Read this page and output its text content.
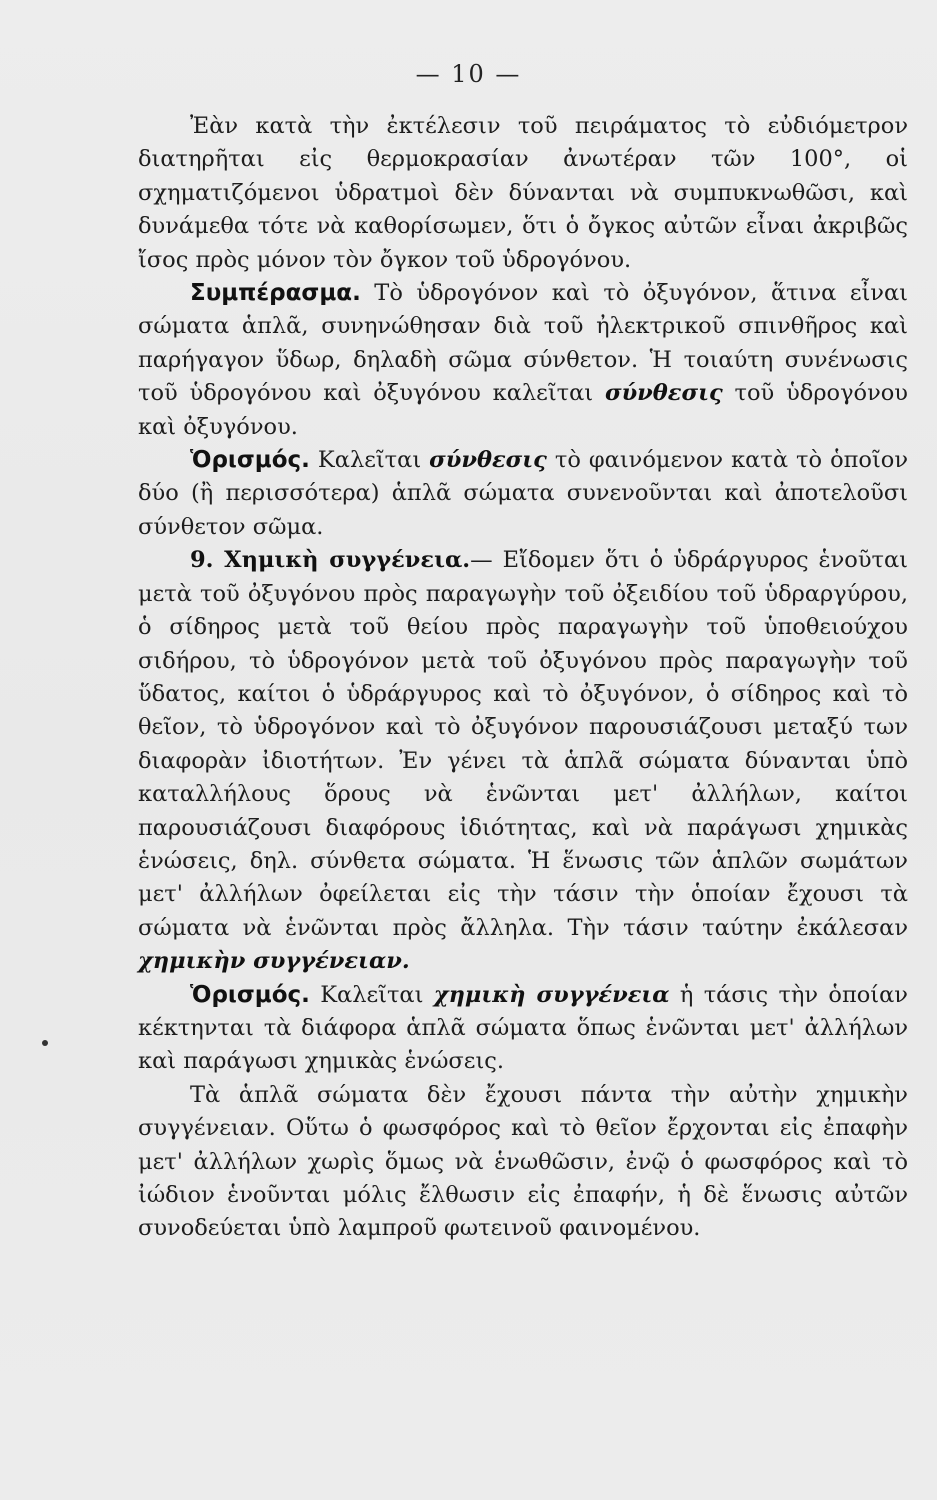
— 10 —

Ἐὰν κατὰ τὴν ἐκτέλεσιν τοῦ πειράματος τὸ εὐδιόμετρον διατηρῆται εἰς θερμοκρασίαν ἀνωτέραν τῶν 100°, οἱ σχηματιζόμενοι ὑδρατμοὶ δὲν δύνανται νὰ συμπυκνωθῶσι, καὶ δυνάμεθα τότε νὰ καθορίσωμεν, ὅτι ὁ ὄγκος αὐτῶν εἶναι ἀκριβῶς ἴσος πρὸς μόνον τὸν ὄγκον τοῦ ὑδρογόνου.

Συμπέρασμα. Τὸ ὑδρογόνον καὶ τὸ ὀξυγόνον, ἅτινα εἶναι σώματα ἁπλᾶ, συνηνώθησαν διὰ τοῦ ἠλεκτρικοῦ σπινθῆρος καὶ παρήγαγον ὕδωρ, δηλαδὴ σῶμα σύνθετον. Ἡ τοιαύτη συνένωσις τοῦ ὑδρογόνου καὶ ὀξυγόνου καλεῖται σύνθεσις τοῦ ὑδρογόνου καὶ ὀξυγόνου.

Ὁρισμός. Καλεῖται σύνθεσις τὸ φαινόμενον κατὰ τὸ ὁποῖον δύο (ἢ περισσότερα) ἁπλᾶ σώματα συνενοῦνται καὶ ἀποτελοῦσι σύνθετον σῶμα.

9. Χημικὴ συγγένεια.— Εἴδομεν ὅτι ὁ ὑδράργυρος ἑνοῦται μετὰ τοῦ ὀξυγόνου πρὸς παραγωγὴν τοῦ ὀξειδίου τοῦ ὑδραργύρου, ὁ σίδηρος μετὰ τοῦ θείου πρὸς παραγωγὴν τοῦ ὑποθειούχου σιδήρου, τὸ ὑδρογόνον μετὰ τοῦ ὀξυγόνου πρὸς παραγωγὴν τοῦ ὕδατος, καίτοι ὁ ὑδράργυρος καὶ τὸ ὀξυγόνον, ὁ σίδηρος καὶ τὸ θεῖον, τὸ ὑδρογόνον καὶ τὸ ὀξυγόνον παρουσιάζουσι μεταξύ των διαφορὰν ἰδιοτήτων. Ἐν γένει τὰ ἁπλᾶ σώματα δύνανται ὑπὸ καταλλήλους ὅρους νὰ ἑνῶνται μετ' ἀλλήλων, καίτοι παρουσιάζουσι διαφόρους ἰδιότητας, καὶ νὰ παράγωσι χημικὰς ἑνώσεις, δηλ. σύνθετα σώματα. Ἡ ἕνωσις τῶν ἁπλῶν σωμάτων μετ' ἀλλήλων ὀφείλεται εἰς τὴν τάσιν τὴν ὁποίαν ἔχουσι τὰ σώματα νὰ ἑνῶνται πρὸς ἄλληλα. Τὴν τάσιν ταύτην ἐκάλεσαν χημικὴν συγγένειαν.

Ὁρισμός. Καλεῖται χημικὴ συγγένεια ἡ τάσις τὴν ὁποίαν κέκτηνται τὰ διάφορα ἁπλᾶ σώματα ὅπως ἑνῶνται μετ' ἀλλήλων καὶ παράγωσι χημικὰς ἑνώσεις.

Τὰ ἁπλᾶ σώματα δὲν ἔχουσι πάντα τὴν αὐτὴν χημικὴν συγγένειαν. Οὕτω ὁ φωσφόρος καὶ τὸ θεῖον ἔρχονται εἰς ἐπαφὴν μετ' ἀλλήλων χωρὶς ὅμως νὰ ἑνωθῶσιν, ἐνῷ ὁ φωσφόρος καὶ τὸ ἰώδιον ἑνοῦνται μόλις ἔλθωσιν εἰς ἐπαφήν, ἡ δὲ ἕνωσις αὐτῶν συνοδεύεται ὑπὸ λαμπροῦ φωτεινοῦ φαινομένου.
